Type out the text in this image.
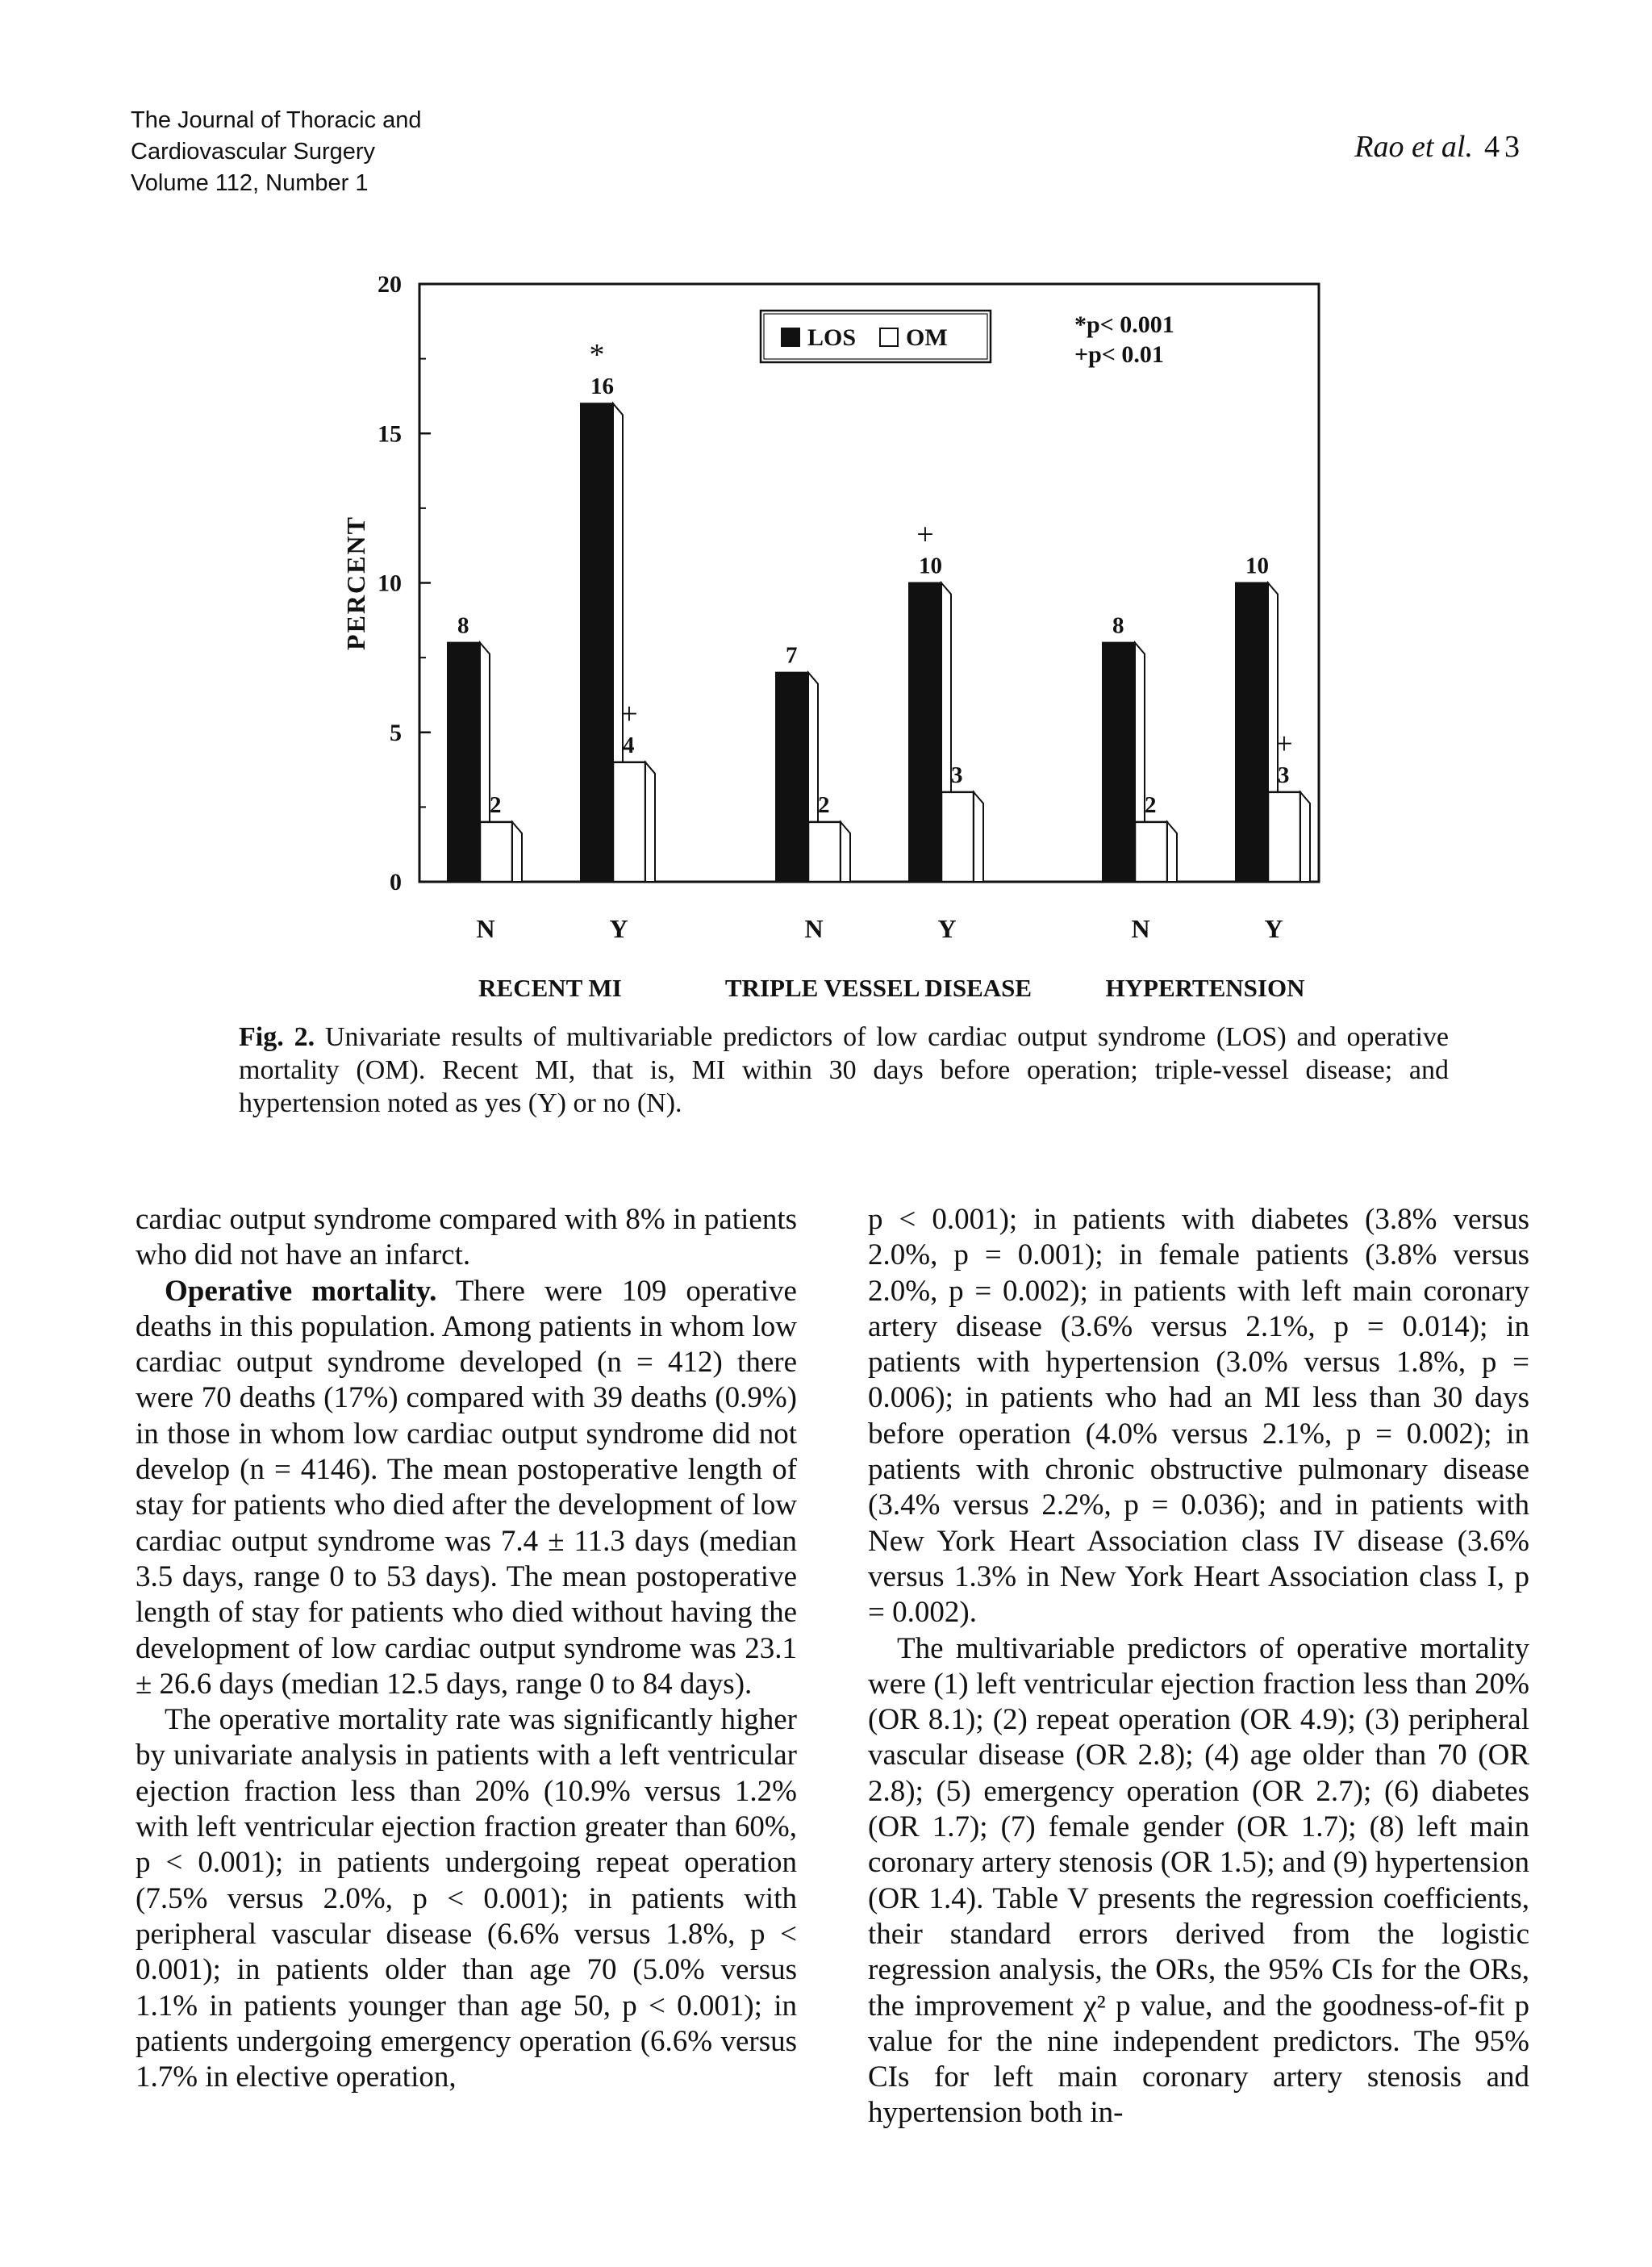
The Journal of Thoracic and
Cardiovascular Surgery
Volume 112, Number 1
Rao et al. 43
0
5
10
15
20
PERCENT
LOS OM	*p< 0.001
+p< 0.01
8
2
N
16
*
4
+
Y
RECENT MI
7
2
N
10
+
3
Y
TRIPLE VESSEL DISEASE
8
2
N
10
3
+
Y
HYPERTENSION
Fig. 2. Univariate results of multivariable predictors of low cardiac output syndrome (LOS) and operative mortality (OM). Recent MI, that is, MI within 30 days before operation; triple-vessel disease; and hypertension noted as yes (Y) or no (N).

cardiac output syndrome compared with 8% in patients who did not have an infarct.

Operative mortality. There were 109 operative deaths in this population. Among patients in whom low cardiac output syndrome developed (n = 412) there were 70 deaths (17%) compared with 39 deaths (0.9%) in those in whom low cardiac output syndrome did not develop (n = 4146). The mean postoperative length of stay for patients who died after the development of low cardiac output syndrome was 7.4 ± 11.3 days (median 3.5 days, range 0 to 53 days). The mean postoperative length of stay for patients who died without having the development of low cardiac output syndrome was 23.1 ± 26.6 days (median 12.5 days, range 0 to 84 days).

The operative mortality rate was significantly higher by univariate analysis in patients with a left ventricular ejection fraction less than 20% (10.9% versus 1.2% with left ventricular ejection fraction greater than 60%, p < 0.001); in patients undergoing repeat operation (7.5% versus 2.0%, p < 0.001); in patients with peripheral vascular disease (6.6% versus 1.8%, p < 0.001); in patients older than age 70 (5.0% versus 1.1% in patients younger than age 50, p < 0.001); in patients undergoing emergency operation (6.6% versus 1.7% in elective operation,

p < 0.001); in patients with diabetes (3.8% versus 2.0%, p = 0.001); in female patients (3.8% versus 2.0%, p = 0.002); in patients with left main coronary artery disease (3.6% versus 2.1%, p = 0.014); in patients with hypertension (3.0% versus 1.8%, p = 0.006); in patients who had an MI less than 30 days before operation (4.0% versus 2.1%, p = 0.002); in patients with chronic obstructive pulmonary disease (3.4% versus 2.2%, p = 0.036); and in patients with New York Heart Association class IV disease (3.6% versus 1.3% in New York Heart Association class I, p = 0.002).

The multivariable predictors of operative mortality were (1) left ventricular ejection fraction less than 20% (OR 8.1); (2) repeat operation (OR 4.9); (3) peripheral vascular disease (OR 2.8); (4) age older than 70 (OR 2.8); (5) emergency operation (OR 2.7); (6) diabetes (OR 1.7); (7) female gender (OR 1.7); (8) left main coronary artery stenosis (OR 1.5); and (9) hypertension (OR 1.4). Table V presents the regression coefficients, their standard errors derived from the logistic regression analysis, the ORs, the 95% CIs for the ORs, the improvement χ² p value, and the goodness-of-fit p value for the nine independent predictors. The 95% CIs for left main coronary artery stenosis and hypertension both in-
